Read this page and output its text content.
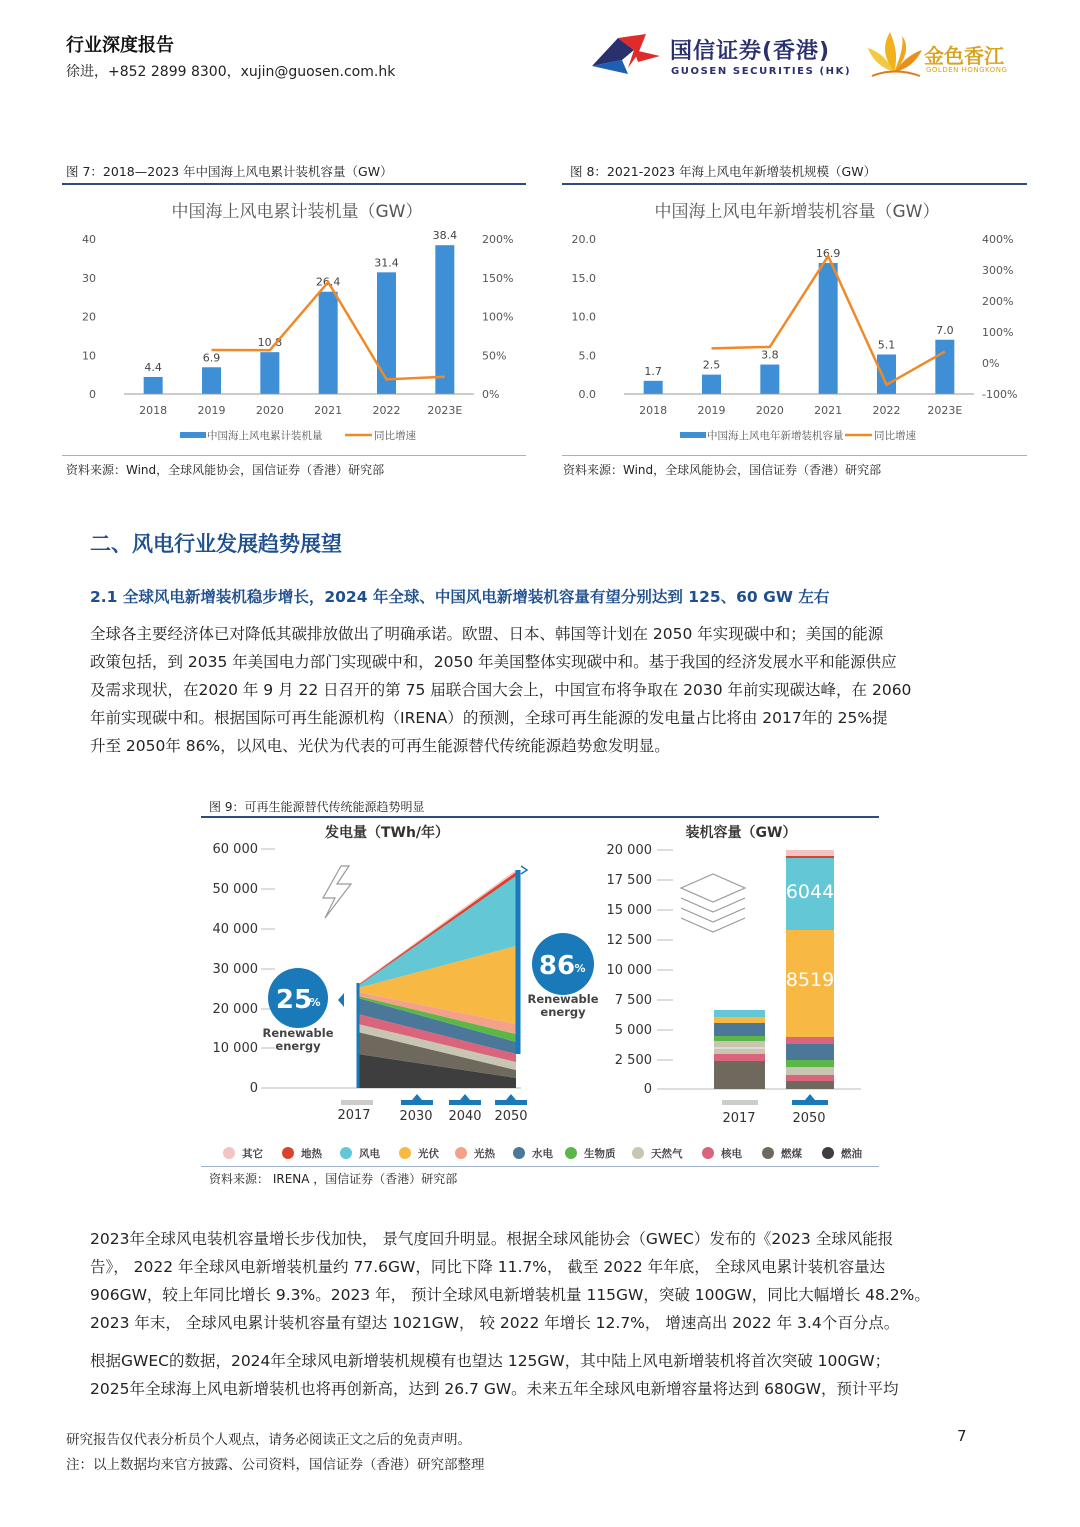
行业深度报告
徐进，+852 2899 8300，xujin@guosen.com.hk
国信证券(香港)
GUOSEN SECURITIES (HK)
金色香江
GOLDEN HONGKONG
图 7：2018—2023 年中国海上风电累计装机容量（GW）
中国海上风电累计装机量（GW）
0
10
20
30
40
0%
50%
100%
150%
200%
4.4
6.9
10.8
26.4
31.4
38.4
2018	2019	2020	2021	2022 2023E
中国海上风电累计装机量	同比增速
资料来源：Wind，全球风能协会，国信证券（香港）研究部
图 8：2021-2023 年海上风电年新增装机规模（GW）
中国海上风电年新增装机容量（GW）
0.0
5.0
10.0
15.0
20.0
-100%
0%
100%
200%
300%
400%
1.7	2.5
3.8
16.9
5.1
7.0
2018	2019	2020	2021	2022 2023E
中国海上风电年新增装机容量	同比增速
资料来源：Wind，全球风能协会，国信证券（香港）研究部
二、风电行业发展趋势展望
2.1 全球风电新增装机稳步增长，2024 年全球、中国风电新增装机容量有望分别达到 125、60 GW 左右
全球各主要经济体已对降低其碳排放做出了明确承诺。欧盟、日本、韩国等计划在 2050 年实现碳中和；美国的能源
政策包括，到 2035 年美国电力部门实现碳中和，2050 年美国整体实现碳中和。基于我国的经济发展水平和能源供应
及需求现状，在2020 年 9 月 22 日召开的第 75 届联合国大会上，中国宣布将争取在 2030 年前实现碳达峰，在 2060
年前实现碳中和。根据国际可再生能源机构（IRENA）的预测，全球可再生能源的发电量占比将由 2017年的 25%提
升至 2050年 86%，以风电、光伏为代表的可再生能源替代传统能源趋势愈发明显。
图 9：可再生能源替代传统能源趋势明显
发电量（TWh/年）	装机容量（GW）
60 000
50 000
40 000
30 000
20 000
10 000
0
25
%
Renewable
energy
86 %
Renewable
energy
2017 2030 2040 2050
20 000
17 500
15 000
12 500
10 000
7 500
5 000
2 500
0
6044
8519
2017	2050
其它	地热	风电	光伏	光热	水电	生物质	天然气	核电	燃煤	燃油
资料来源： IRENA ，国信证券（香港）研究部
2023年全球风电装机容量增长步伐加快， 景气度回升明显。根据全球风能协会（GWEC）发布的《2023 全球风能报
告》， 2022 年全球风电新增装机量约 77.6GW，同比下降 11.7%， 截至 2022 年年底， 全球风电累计装机容量达
906GW，较上年同比增长 9.3%。2023 年， 预计全球风电新增装机量 115GW，突破 100GW，同比大幅增长 48.2%。
2023 年末， 全球风电累计装机容量有望达 1021GW， 较 2022 年增长 12.7%， 增速高出 2022 年 3.4个百分点。
根据GWEC的数据，2024年全球风电新增装机规模有也望达 125GW，其中陆上风电新增装机将首次突破 100GW；
2025年全球海上风电新增装机也将再创新高，达到 26.7 GW。未来五年全球风电新增容量将达到 680GW，预计平均
研究报告仅代表分析员个人观点，请务必阅读正文之后的免责声明。
注：以上数据均来官方披露、公司资料，国信证券（香港）研究部整理
7
